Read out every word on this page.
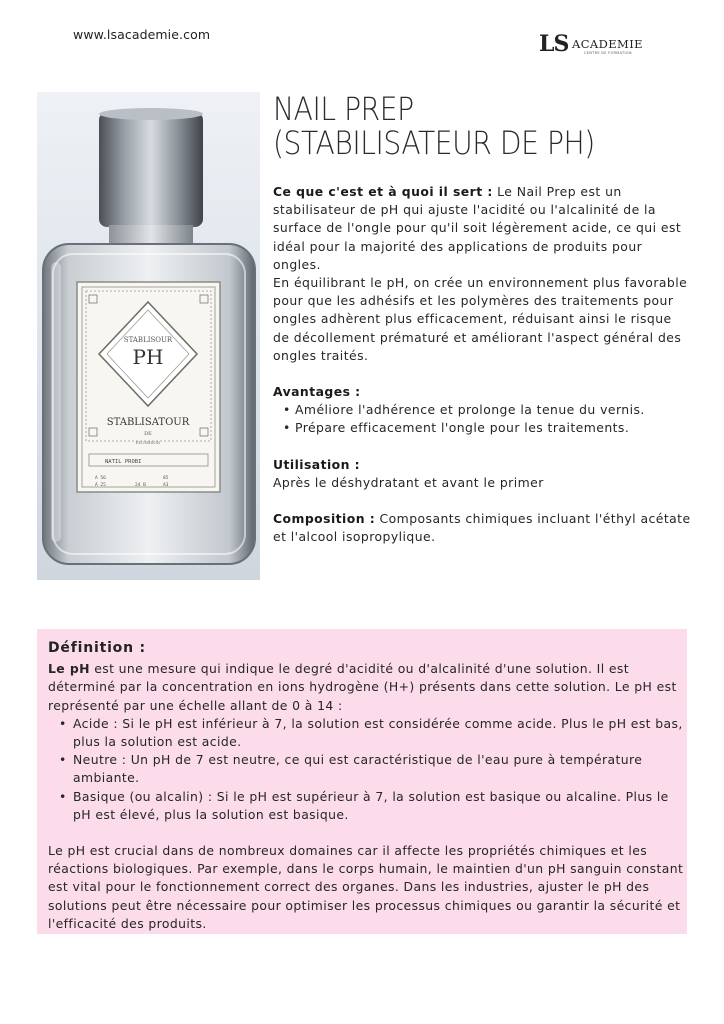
www.lsacademie.com	LS ACADEMIE
CENTRE DE FORMATION
STABLISOUR
PH
STABLISATOUR
DE
PLUSHSON
NATIL PROBI
A 56
A 25	24 B
85
A3
NAIL PREP
(STABILISATEUR DE PH)

Ce que c'est et à quoi il sert : Le Nail Prep est un stabilisateur de pH qui ajuste l'acidité ou l'alcalinité de la surface de l'ongle pour qu'il soit légèrement acide, ce qui est idéal pour la majorité des applications de produits pour ongles.

En équilibrant le pH, on crée un environnement plus favorable pour que les adhésifs et les polymères des traitements pour ongles adhèrent plus efficacement, réduisant ainsi le risque de décollement prématuré et améliorant l'aspect général des ongles traités.

Avantages :

• Améliore l'adhérence et prolonge la tenue du vernis.
• Prépare efficacement l'ongle pour les traitements.

Utilisation :

Après le déshydratant et avant le primer

Composition : Composants chimiques incluant l'éthyl acétate et l'alcool isopropylique.

Définition :

Le pH est une mesure qui indique le degré d'acidité ou d'alcalinité d'une solution. Il est déterminé par la concentration en ions hydrogène (H+) présents dans cette solution. Le pH est représenté par une échelle allant de 0 à 14 :

• Acide : Si le pH est inférieur à 7, la solution est considérée comme acide. Plus le pH est bas, plus la solution est acide.
• Neutre : Un pH de 7 est neutre, ce qui est caractéristique de l'eau pure à température ambiante.
• Basique (ou alcalin) : Si le pH est supérieur à 7, la solution est basique ou alcaline. Plus le pH est élevé, plus la solution est basique.

Le pH est crucial dans de nombreux domaines car il affecte les propriétés chimiques et les réactions biologiques. Par exemple, dans le corps humain, le maintien d'un pH sanguin constant est vital pour le fonctionnement correct des organes. Dans les industries, ajuster le pH des solutions peut être nécessaire pour optimiser les processus chimiques ou garantir la sécurité et l'efficacité des produits.
